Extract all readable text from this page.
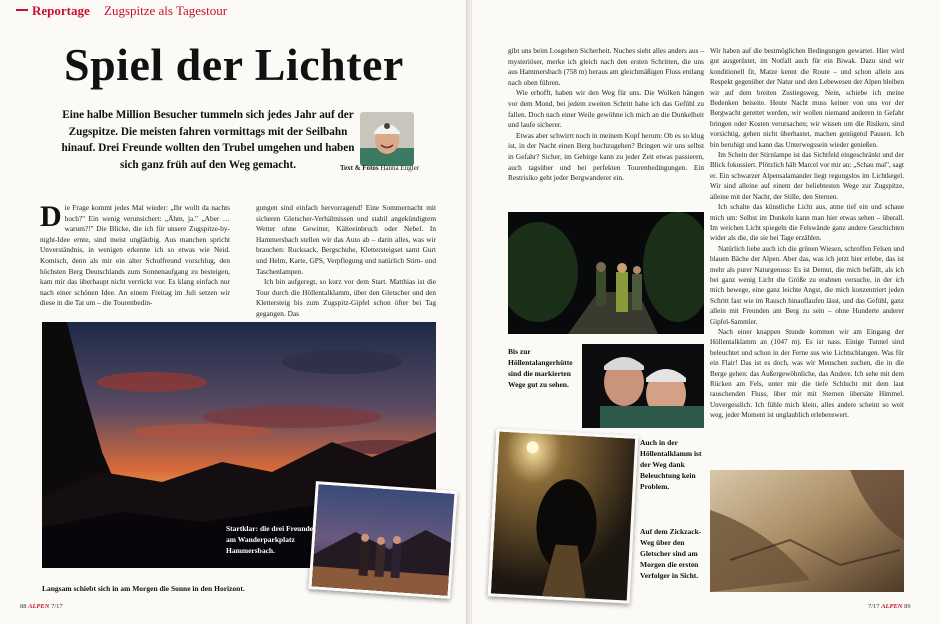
Reportage Zugspitze als Tagestour
Spiel der Lichter
Eine halbe Million Besucher tummeln sich jedes Jahr auf der Zugspitze. Die meisten fahren vormittags mit der Seilbahn hinauf. Drei Freunde wollten den Trubel umgehen und haben sich ganz früh auf den Weg gemacht.	Text & Fotos Hanna Engler
Die Frage kommt jedes Mal wieder: „Ihr wollt da nachts hoch?" Ein wenig verunsichert: „Ähm, ja." „Aber … warum?!" Die Blicke, die ich für unsere Zugspitze-by-night-Idee ernte, sind meist ungläubig. Aus manchen spricht Unverständnis, in wenigen erkenne ich so etwas wie Neid. Komisch, denn als mir ein alter Schulfreund vorschlug, den höchsten Berg Deutschlands zum Sonnenaufgang zu besteigen, kam mir das überhaupt nicht verrückt vor. Es klang einfach nur nach einer schönen Idee. An einem Freitag im Juli setzen wir diese in die Tat um – die Tourenbedin-

gungen sind einfach hervorragend! Eine Sommernacht mit sicheren Gletscher-Verhältnissen und stabil angekündigtem Wetter ohne Gewitter, Kälteeinbruch oder Nebel. In Hammersbach stellen wir das Auto ab – darin alles, was wir brauchen: Rucksack, Bergschuhe, Klettersteigset samt Gurt und Helm, Karte, GPS, Verpflegung und natürlich Stirn- und Taschenlampen.

Ich bin aufgeregt, so kurz vor dem Start. Matthias ist die Tour durch die Höllentalklamm, über den Gletscher und den Klettersteig bis zum Zugspitz-Gipfel schon öfter bei Tag gegangen. Das

Startklar: die drei Freunde am Wanderparkplatz Hammersbach.
Langsam schiebt sich in am Morgen die Sonne in den Horizont.
88 ALPEN 7/17

gibt uns beim Losgehen Sicherheit. Nuches sieht alles anders aus – mysteriöser, merke ich gleich nach den ersten Schritten, die uns aus Hammersbach (758 m) heraus am gleichmäßigen Fluss entlang nach oben führen.

Wie erhofft, haben wir den Weg für uns. Die Wolken hängen vor dem Mond, bei jedem zweiten Schritt habe ich das Gefühl zu fallen. Doch nach einer Weile gewöhne ich mich an die Dunkelheit und laufe sicherer.

Etwas aber schwirrt noch in meinem Kopf herum: Ob es so klug ist, in der Nacht einen Berg hochzugehen? Bringen wir uns selbst in Gefahr? Sicher, im Gebirge kann zu jeder Zeit etwas passieren, auch tagsüber und bei perfekten Tourenbedingungen. Ein Restrisiko geht jeder Bergwanderer ein.

Wir haben auf die bestmöglichen Bedingungen gewartet. Hier wird gut ausgerüstet, im Notfall auch für ein Biwak. Dazu sind wir konditionell fit, Matze kennt die Route – und schon allein aus Respekt gegenüber der Natur und den Lebewesen der Alpen bleiben wir auf dem breiten Zustiegsweg. Nein, schiebe ich meine Bedenken beiseite. Heute Nacht muss keiner von uns vor der Bergwacht gerettet werden, wir wollen niemand anderen in Gefahr bringen oder Kosten verursachen; wir wissen um die Risiken, sind vorsichtig, gehen nicht überhastet, machen genügend Pausen. Ich bin beruhigt und kann das Unterwegssein wieder genießen.

Im Schein der Stirnlampe ist das Sichtfeld eingeschränkt und der Blick fokussiert. Plötzlich hält Marcel vor mir an: „Schau mal", sagt er. Ein schwarzer Alpensalamander liegt regungslos im Lichtkegel. Wir sind alleine auf einem der beliebtesten Wege zur Zugspitze, alleine mit der Nacht, der Stille, den Sternen.

Ich schalte das künstliche Licht aus, atme tief ein und schaue mich um: Selbst im Dunkeln kann man hier etwas sehen – überall. Im weichen Licht spiegeln die Felswände ganz andere Geschichten wider als die, die sie bei Tage erzählen.

Natürlich liebe auch ich die grünen Wiesen, schroffen Felsen und blauen Bäche der Alpen. Aber das, was ich jetzt hier erlebe, das ist mehr als purer Naturgenuss: Es ist Demut, die mich befällt, als ich bei ganz wenig Licht die Größe zu erahnen versuche, in der ich mich bewege, eine ganz leichte Angst, die mich konzentriert jeden Schritt fast wie im Rausch hinauflaufen lässt, und das Gefühl, ganz allein mit Freunden am Berg zu sein – ohne Hunderte anderer Gipfel-Sammler.

Nach einer knappen Stunde kommen wir am Eingang der Höllentalklamm an (1047 m). Es ist nass. Einige Tunnel sind beleuchtet und schon in der Ferne sus wie Lichtschlangen. Was für ein Flair! Das ist es doch, was wir Menschen suchen, die in die Berge gehen: das Außergewöhnliche, das Andere. Ich sehe mit dem Rücken am Fels, unter mir die tiefe Schlucht mit dem laut rauschenden Fluss, über mir mit Sternen übersäte Himmel. Unvergesslich. Ich fühle mich klein, alles andere scheint so weit weg, jeder Moment ist unglaublich erlebenswert.

Bis zur Höllentalangerhütte sind die markierten Wege gut zu sehen.
Auch in der Höllentalklamm ist der Weg dank Beleuchtung kein Problem.
Auf dem Zickzack-Weg über den Gletscher sind am Morgen die ersten Verfolger in Sicht.
7/17 ALPEN 89
